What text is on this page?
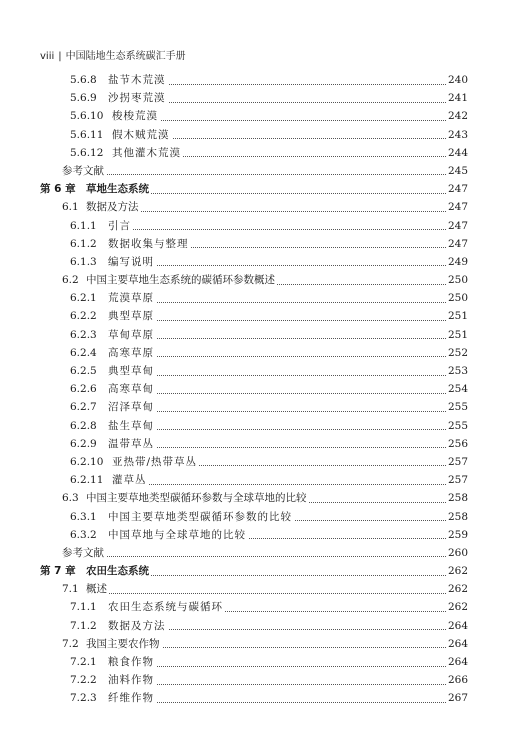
viii | 中国陆地生态系统碳汇手册
5.6.8 盐节木荒漠	240
5.6.9 沙拐枣荒漠	241
5.6.10 梭梭荒漠	242
5.6.11 假木贼荒漠	243
5.6.12 其他灌木荒漠	244
参考文献	245
第 6 章 草地生态系统	247
6.1 数据及方法	247
6.1.1 引言	247
6.1.2 数据收集与整理	247
6.1.3 编写说明	249
6.2 中国主要草地生态系统的碳循环参数概述	250
6.2.1 荒漠草原	250
6.2.2 典型草原	251
6.2.3 草甸草原	251
6.2.4 高寒草原	252
6.2.5 典型草甸	253
6.2.6 高寒草甸	254
6.2.7 沼泽草甸	255
6.2.8 盐生草甸	255
6.2.9 温带草丛	256
6.2.10 亚热带/热带草丛	257
6.2.11 灌草丛	257
6.3 中国主要草地类型碳循环参数与全球草地的比较	258
6.3.1 中国主要草地类型碳循环参数的比较	258
6.3.2 中国草地与全球草地的比较	259
参考文献	260
第 7 章 农田生态系统	262
7.1 概述	262
7.1.1 农田生态系统与碳循环	262
7.1.2 数据及方法	264
7.2 我国主要农作物	264
7.2.1 粮食作物	264
7.2.2 油料作物	266
7.2.3 纤维作物	267
